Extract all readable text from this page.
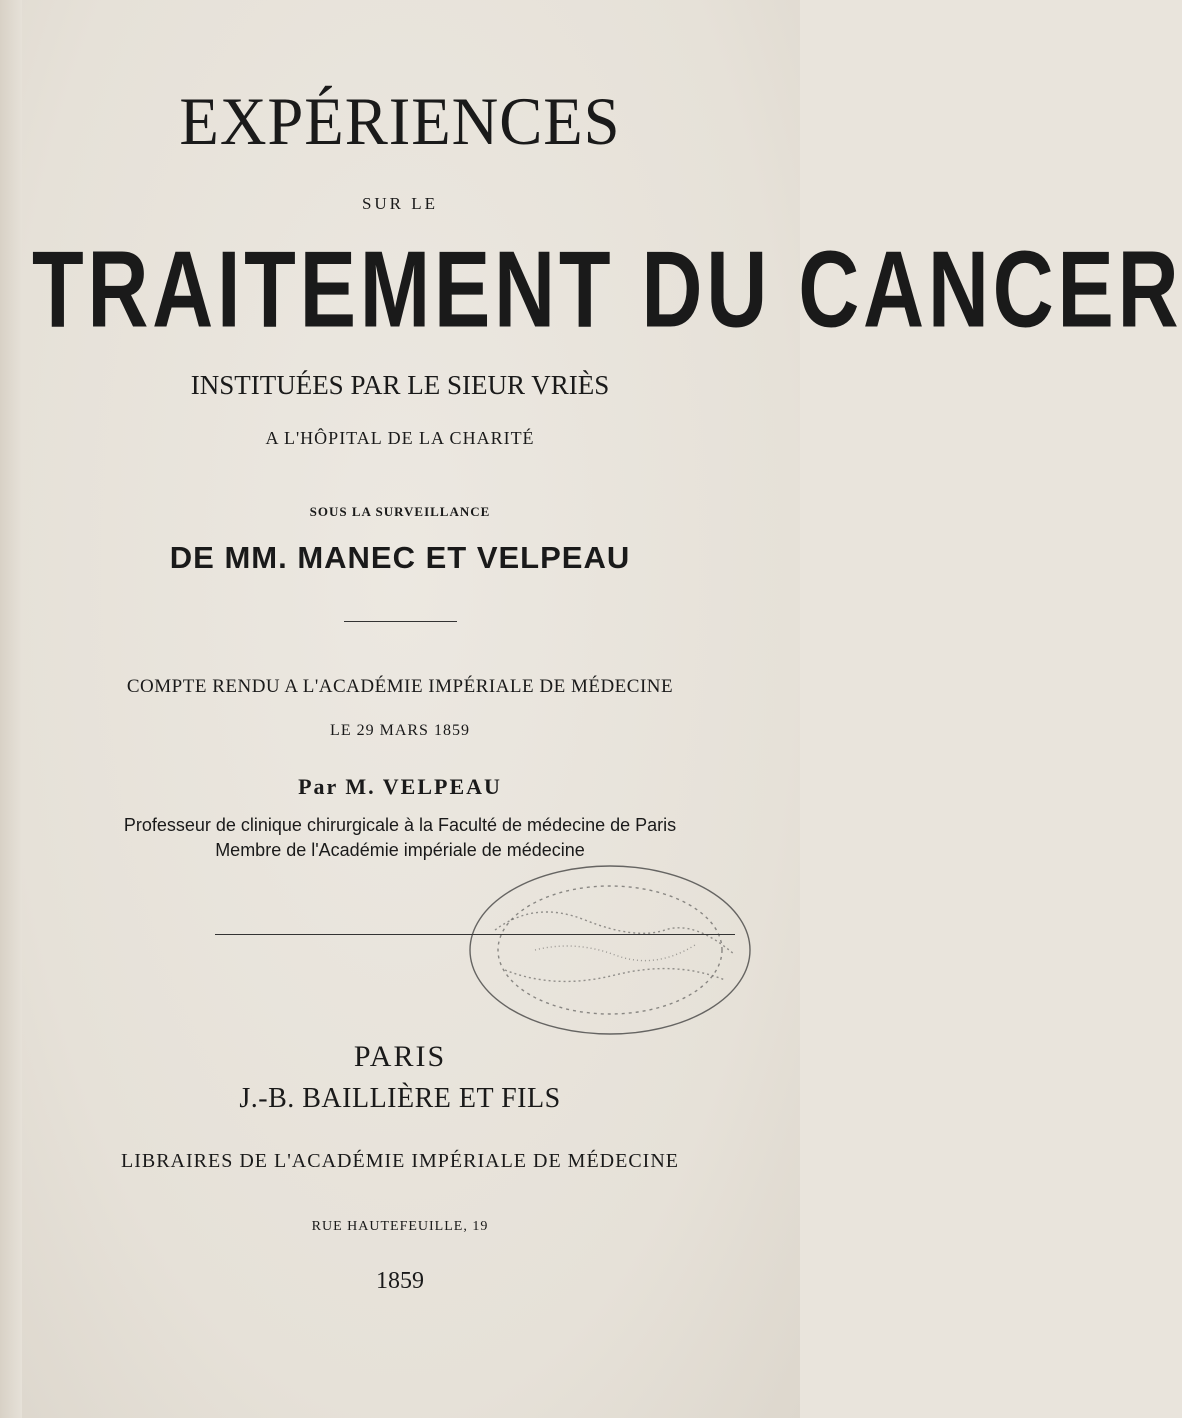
EXPÉRIENCES
SUR LE
TRAITEMENT DU CANCER
INSTITUÉES PAR LE SIEUR VRIÈS
A L'HÔPITAL DE LA CHARITÉ
SOUS LA SURVEILLANCE
DE MM. MANEC ET VELPEAU
COMPTE RENDU A L'ACADÉMIE IMPÉRIALE DE MÉDECINE
LE 29 MARS 1859
Par M. VELPEAU
Professeur de clinique chirurgicale à la Faculté de médecine de Paris
Membre de l'Académie impériale de médecine
PARIS
J.-B. BAILLIÈRE ET FILS
LIBRAIRES DE L'ACADÉMIE IMPÉRIALE DE MÉDECINE
RUE HAUTEFEUILLE, 19
1859
